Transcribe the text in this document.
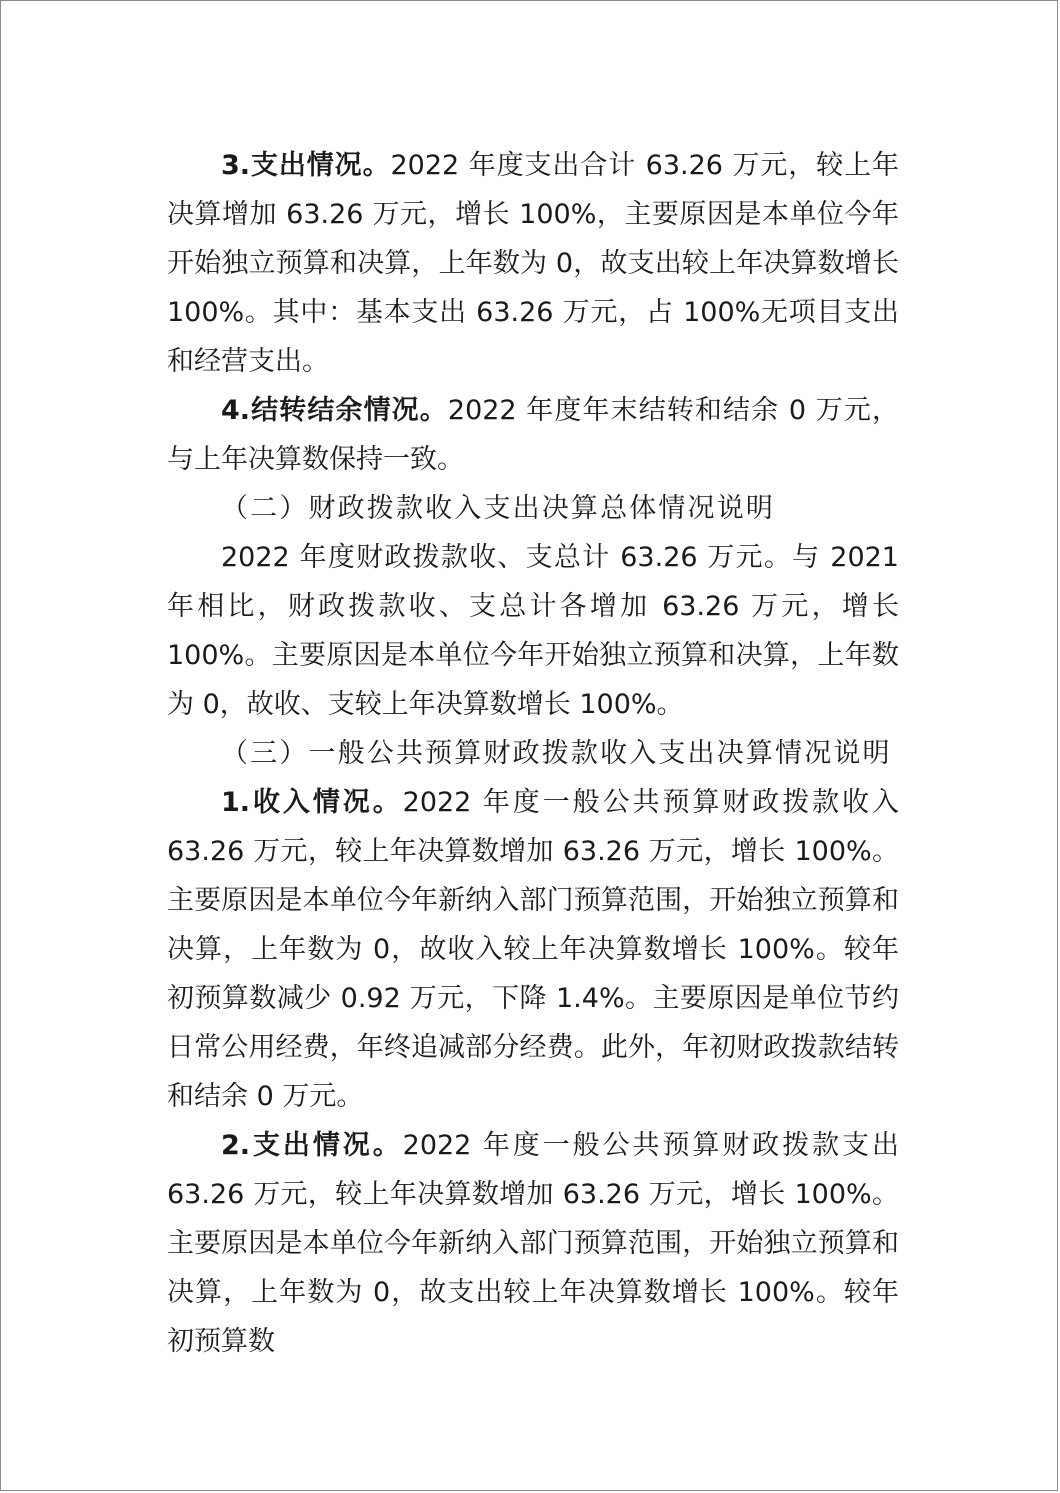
3.支出情况。2022 年度支出合计 63.26 万元，较上年决算增加 63.26 万元，增长 100%，主要原因是本单位今年开始独立预算和决算，上年数为 0，故支出较上年决算数增长 100%。其中：基本支出 63.26 万元，占 100%无项目支出和经营支出。

4.结转结余情况。2022 年度年末结转和结余 0 万元，与上年决算数保持一致。

（二）财政拨款收入支出决算总体情况说明

2022 年度财政拨款收、支总计 63.26 万元。与 2021 年相比，财政拨款收、支总计各增加 63.26 万元，增长 100%。主要原因是本单位今年开始独立预算和决算，上年数为 0，故收、支较上年决算数增长 100%。

（三）一般公共预算财政拨款收入支出决算情况说明

1.收入情况。2022 年度一般公共预算财政拨款收入 63.26 万元，较上年决算数增加 63.26 万元，增长 100%。主要原因是本单位今年新纳入部门预算范围，开始独立预算和决算，上年数为 0，故收入较上年决算数增长 100%。较年初预算数减少 0.92 万元，下降 1.4%。主要原因是单位节约日常公用经费，年终追减部分经费。此外，年初财政拨款结转和结余 0 万元。

2.支出情况。2022 年度一般公共预算财政拨款支出 63.26 万元，较上年决算数增加 63.26 万元，增长 100%。主要原因是本单位今年新纳入部门预算范围，开始独立预算和决算，上年数为 0，故支出较上年决算数增长 100%。较年初预算数
